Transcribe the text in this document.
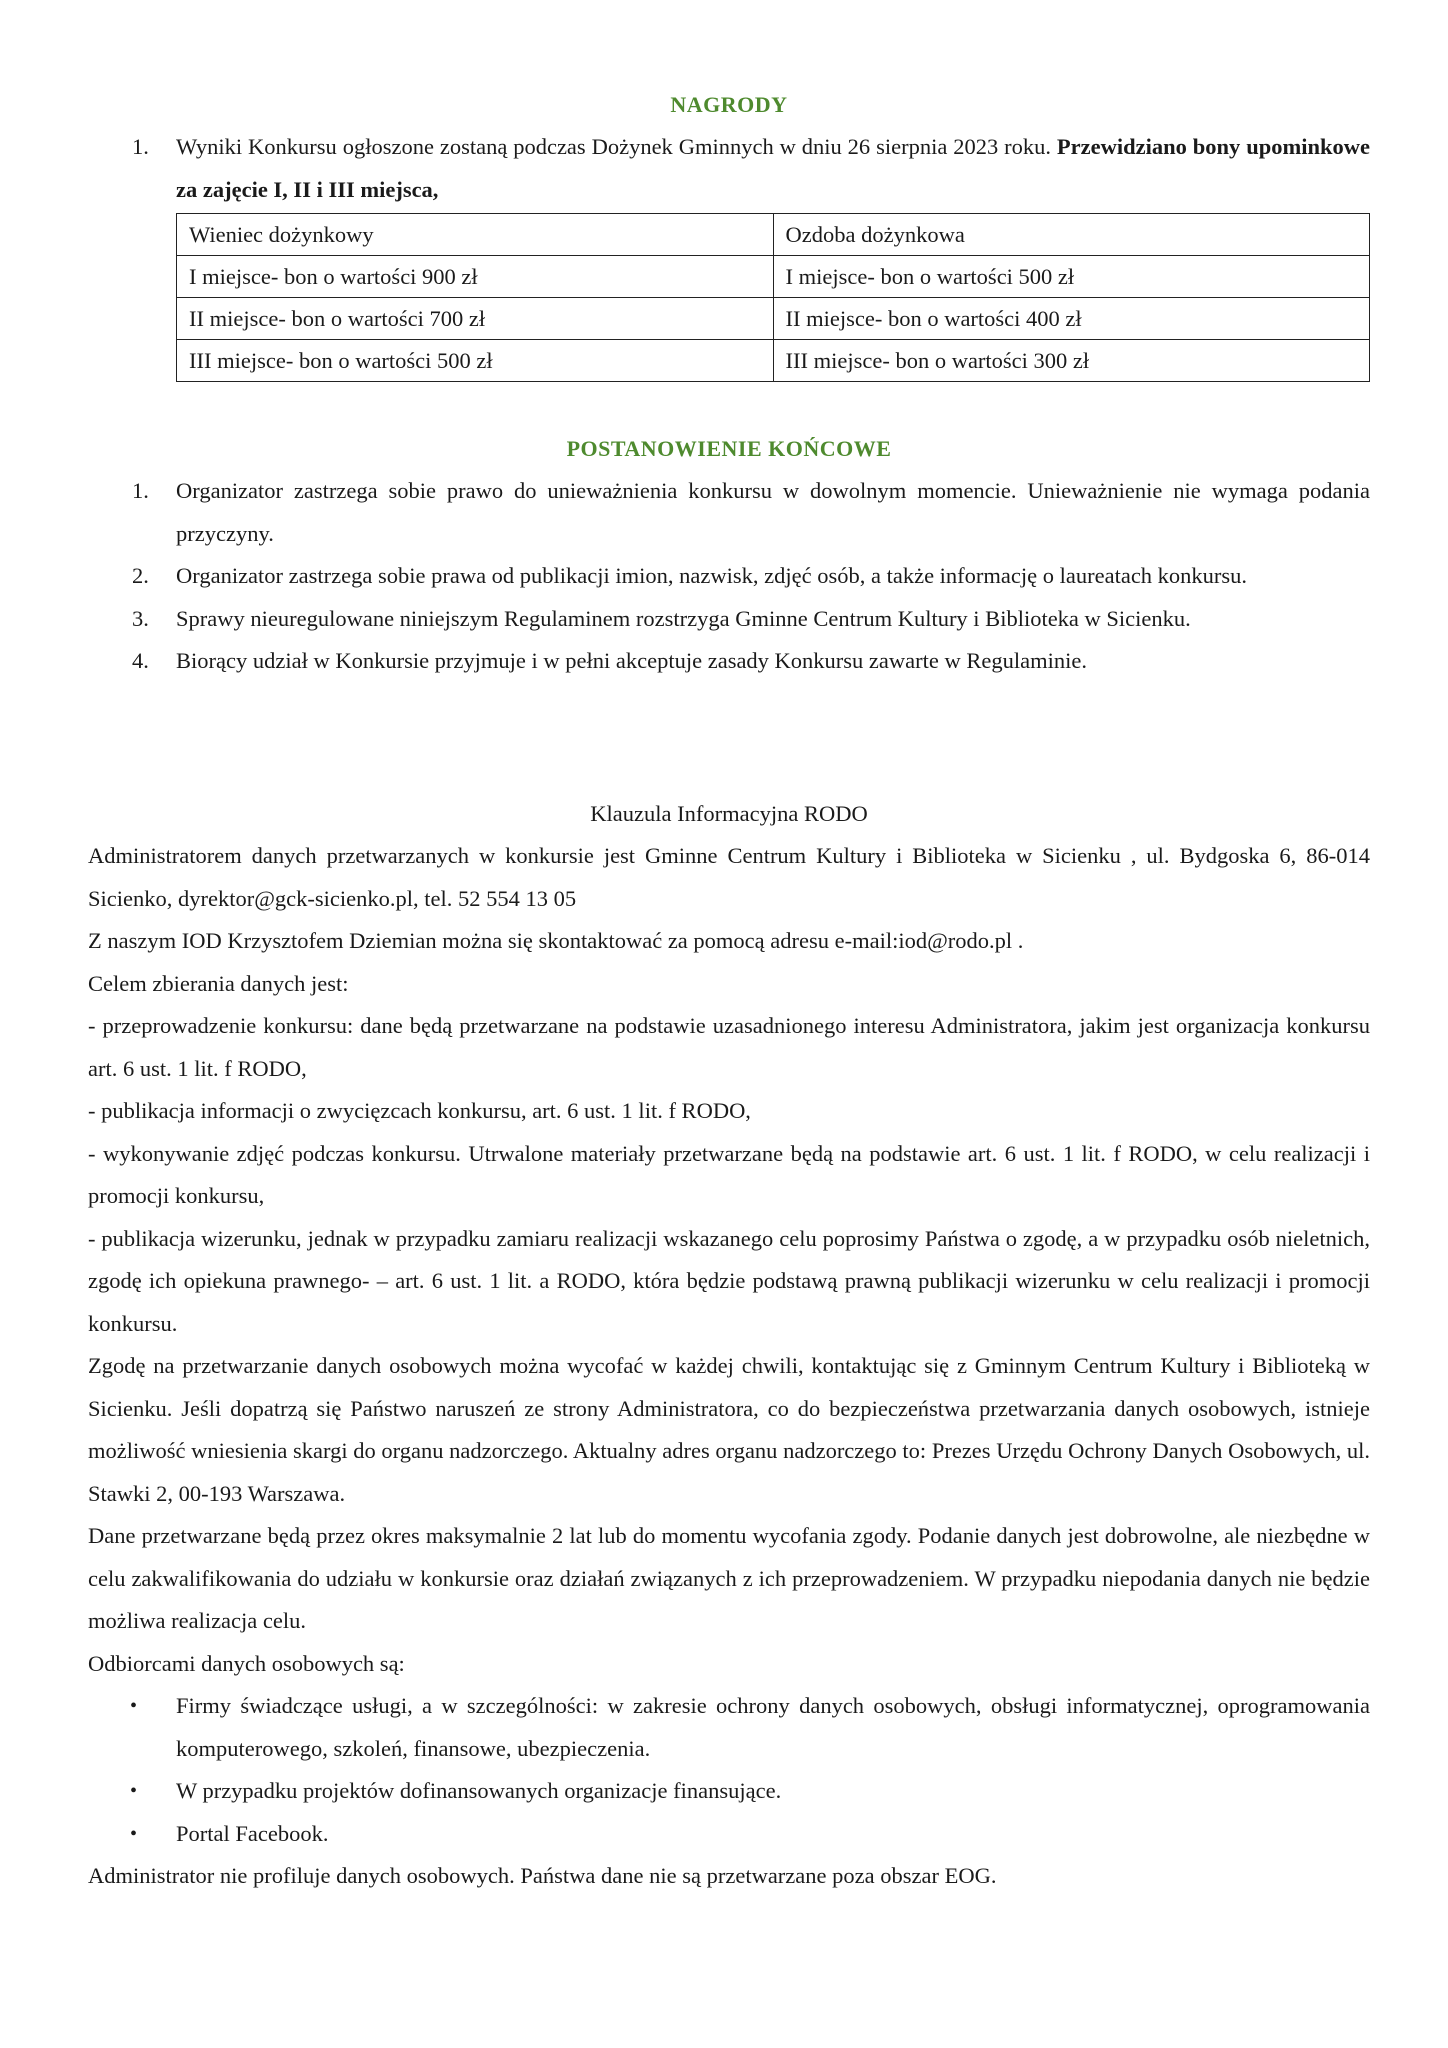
NAGRODY
1. Wyniki Konkursu ogłoszone zostaną podczas Dożynek Gminnych w dniu 26 sierpnia 2023 roku. Przewidziano bony upominkowe za zajęcie I, II i III miejsca,
Wieniec dożynkowy	Ozdoba dożynkowa
I miejsce- bon o wartości 900 zł	I miejsce- bon o wartości 500 zł
II miejsce- bon o wartości 700 zł	II miejsce- bon o wartości 400 zł
III miejsce- bon o wartości 500 zł	III miejsce- bon o wartości 300 zł
POSTANOWIENIE KOŃCOWE
1. Organizator zastrzega sobie prawo do unieważnienia konkursu w dowolnym momencie. Unieważnienie nie wymaga podania przyczyny.
2. Organizator zastrzega sobie prawa od publikacji imion, nazwisk, zdjęć osób, a także informację o laureatach konkursu.
3. Sprawy nieuregulowane niniejszym Regulaminem rozstrzyga Gminne Centrum Kultury i Biblioteka w Sicienku.
4. Biorący udział w Konkursie przyjmuje i w pełni akceptuje zasady Konkursu zawarte w Regulaminie.
Klauzula Informacyjna RODO

Administratorem danych przetwarzanych w konkursie jest Gminne Centrum Kultury i Biblioteka w Sicienku , ul. Bydgoska 6, 86-014 Sicienko, dyrektor@gck-sicienko.pl, tel. 52 554 13 05

Z naszym IOD Krzysztofem Dziemian można się skontaktować za pomocą adresu e-mail:iod@rodo.pl .

Celem zbierania danych jest:

- przeprowadzenie konkursu: dane będą przetwarzane na podstawie uzasadnionego interesu Administratora, jakim jest organizacja konkursu art. 6 ust. 1 lit. f RODO,

- publikacja informacji o zwycięzcach konkursu, art. 6 ust. 1 lit. f RODO,

- wykonywanie zdjęć podczas konkursu. Utrwalone materiały przetwarzane będą na podstawie art. 6 ust. 1 lit. f RODO, w celu realizacji i promocji konkursu,

- publikacja wizerunku, jednak w przypadku zamiaru realizacji wskazanego celu poprosimy Państwa o zgodę, a w przypadku osób nieletnich, zgodę ich opiekuna prawnego- – art. 6 ust. 1 lit. a RODO, która będzie podstawą prawną publikacji wizerunku w celu realizacji i promocji konkursu.

Zgodę na przetwarzanie danych osobowych można wycofać w każdej chwili, kontaktując się z Gminnym Centrum Kultury i Biblioteką w Sicienku. Jeśli dopatrzą się Państwo naruszeń ze strony Administratora, co do bezpieczeństwa przetwarzania danych osobowych, istnieje możliwość wniesienia skargi do organu nadzorczego. Aktualny adres organu nadzorczego to: Prezes Urzędu Ochrony Danych Osobowych, ul. Stawki 2, 00-193 Warszawa.

Dane przetwarzane będą przez okres maksymalnie 2 lat lub do momentu wycofania zgody. Podanie danych jest dobrowolne, ale niezbędne w celu zakwalifikowania do udziału w konkursie oraz działań związanych z ich przeprowadzeniem. W przypadku niepodania danych nie będzie możliwa realizacja celu.

Odbiorcami danych osobowych są:

• Firmy świadczące usługi, a w szczególności: w zakresie ochrony danych osobowych, obsługi informatycznej, oprogramowania komputerowego, szkoleń, finansowe, ubezpieczenia.
• W przypadku projektów dofinansowanych organizacje finansujące.
• Portal Facebook.

Administrator nie profiluje danych osobowych. Państwa dane nie są przetwarzane poza obszar EOG.
